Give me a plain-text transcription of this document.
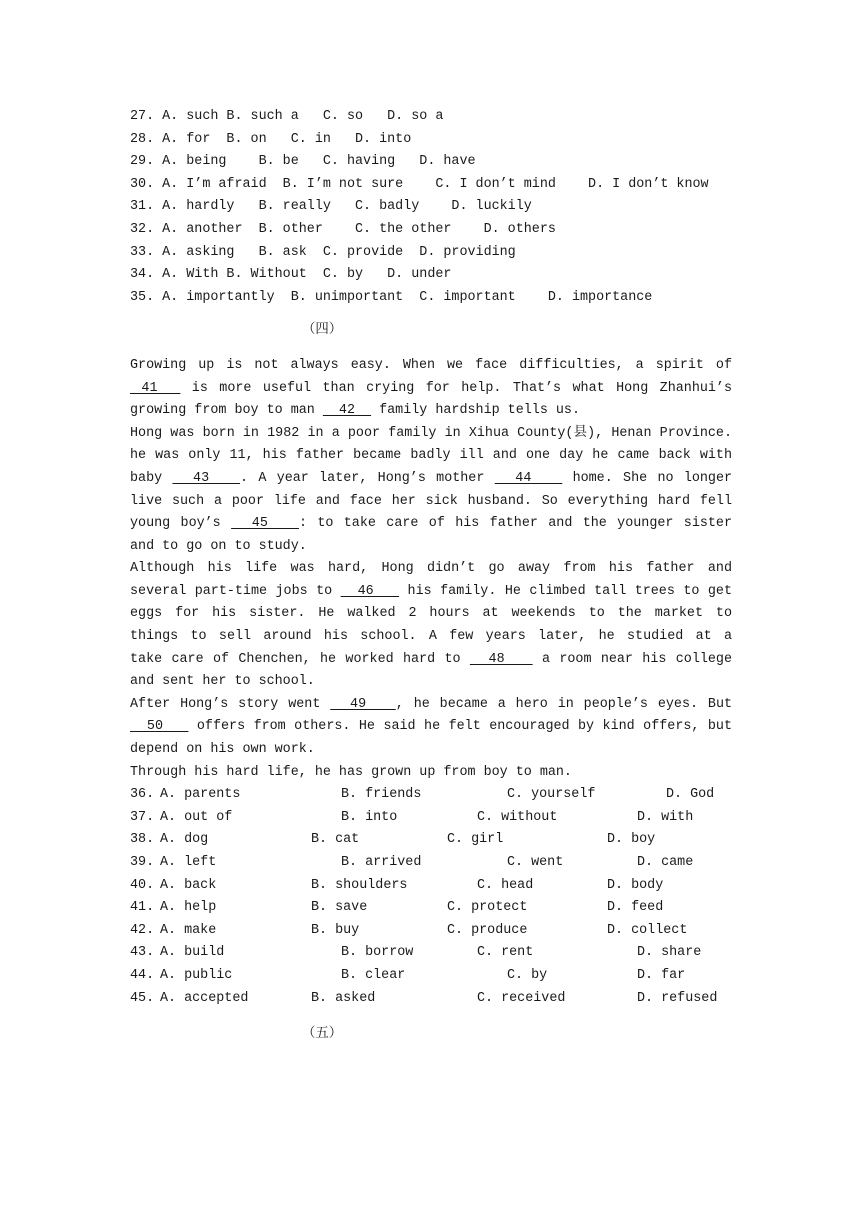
27. A. such B. such a   C. so   D. so a
28. A. for  B. on   C. in   D. into
29. A. being    B. be   C. having   D. have
30. A. I’m afraid  B. I’m not sure    C. I don’t mind    D. I don’t know
31. A. hardly   B. really   C. badly    D. luckily
32. A. another  B. other    C. the other    D. others
33. A. asking   B. ask  C. provide  D. providing
34. A. With B. Without  C. by   D. under
35. A. importantly  B. unimportant  C. important    D. importance
（四）
Growing up is not always easy. When we face difficulties, a spirit of
41   is more useful than crying for help. That’s what Hong Zhanhui’s
growing from boy to man   42   family hardship tells us.
Hong was born in 1982 in a poor family in Xihua County(县), Henan Province.
he was only 11, his father became badly ill and one day he came back with
baby   43   . A year later, Hong’s mother   44    home. She no longer
live such a poor life and face her sick husband. So everything hard fell
young boy’s   45   : to take care of his father and the younger sister
and to go on to study.
Although his life was hard, Hong didn’t go away from his father and
several part-time jobs to   46    his family. He climbed tall trees to get
eggs for his sister. He walked 2 hours at weekends to the market to
things to sell around his school. A few years later, he studied at a
take care of Chenchen, he worked hard to   48    a room near his college
and sent her to school.
After Hong’s story went   49   , he became a hero in people’s eyes. But
50    offers from others. He said he felt encouraged by kind offers, but
depend on his own work.
Through his hard life, he has grown up from boy to man.
36. A. parents	B. friends	C. yourself	D. God
37. A. out of	B. into	C. without	D. with
38. A. dog	B. cat	C. girl	D. boy
39. A. left	B. arrived	C. went	D. came
40. A. back	B. shoulders	C. head	D. body
41. A. help	B. save	C. protect	D. feed
42. A. make	B. buy	C. produce	D. collect
43. A. build	B. borrow	C. rent	D. share
44. A. public	B. clear	C. by	D. far
45. A. accepted	B. asked	C. received	D. refused
（五）
